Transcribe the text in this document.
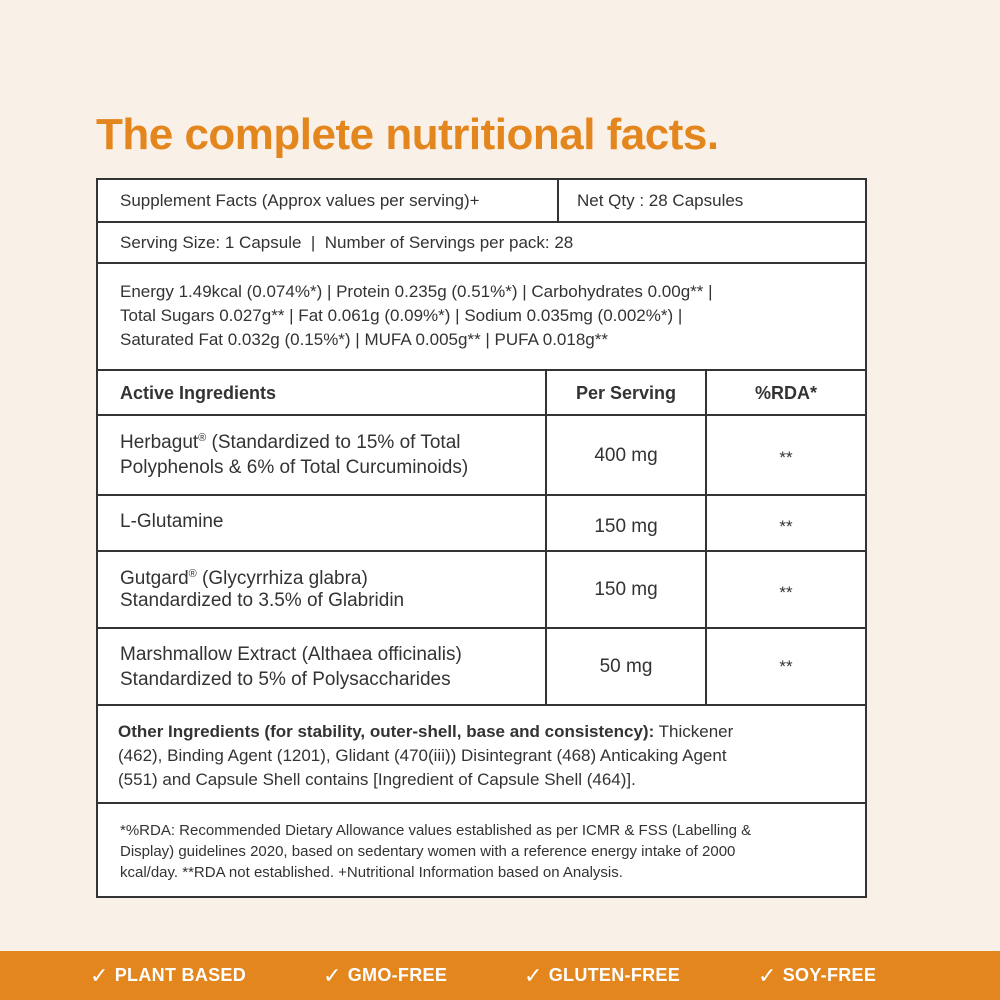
The complete nutritional facts.
Supplement Facts (Approx values per serving)+	Net Qty : 28 Capsules
Serving Size: 1 Capsule  |  Number of Servings per pack: 28
Energy 1.49kcal (0.074%*) | Protein 0.235g (0.51%*) | Carbohydrates 0.00g** |
Total Sugars 0.027g** | Fat 0.061g (0.09%*) | Sodium 0.035mg (0.002%*) |
Saturated Fat 0.032g (0.15%*) | MUFA 0.005g** | PUFA 0.018g**
Active Ingredients	Per Serving	%RDA*
Herbagut® (Standardized to 15% of Total
Polyphenols & 6% of Total Curcuminoids)
400 mg	**
L-Glutamine	150 mg	**
Gutgard® (Glycyrrhiza glabra)
Standardized to 3.5% of Glabridin	150 mg	**
Marshmallow Extract (Althaea officinalis)
Standardized to 5% of Polysaccharides
50 mg	**
Other Ingredients (for stability, outer-shell, base and consistency): Thickener
(462), Binding Agent (1201), Glidant (470(iii)) Disintegrant (468) Anticaking Agent
(551) and Capsule Shell contains [Ingredient of Capsule Shell (464)].
*%RDA: Recommended Dietary Allowance values established as per ICMR & FSS (Labelling &
Display) guidelines 2020, based on sedentary women with a reference energy intake of 2000
kcal/day. **RDA not established. +Nutritional Information based on Analysis.
✓ PLANT BASED	✓ GMO-FREE	✓ GLUTEN-FREE	✓ SOY-FREE
